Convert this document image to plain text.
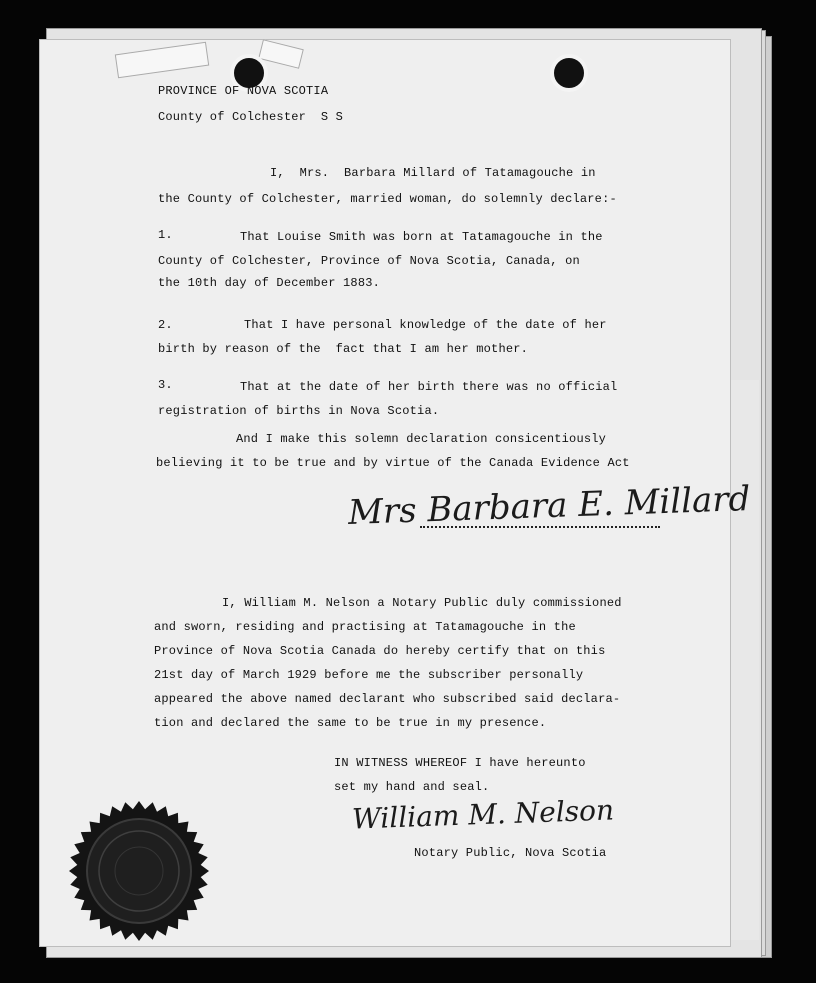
PROVINCE OF NOVA SCOTIA
County of Colchester  S S
I,  Mrs.  Barbara Millard of Tatamagouche in
the County of Colchester, married woman, do solemnly declare:-
1.	That Louise Smith was born at Tatamagouche in the
County of Colchester, Province of Nova Scotia, Canada, on
the 10th day of December 1883.
2.	That I have personal knowledge of the date of her
birth by reason of the  fact that I am her mother.
3.	That at the date of her birth there was no official
registration of births in Nova Scotia.
And I make this solemn declaration consicentiously
believing it to be true and by virtue of the Canada Evidence Act
Mrs Barbara E. Millard
I, William M. Nelson a Notary Public duly commissioned
and sworn, residing and practising at Tatamagouche in the
Province of Nova Scotia Canada do hereby certify that on this
21st day of March 1929 before me the subscriber personally
appeared the above named declarant who subscribed said declara-
tion and declared the same to be true in my presence.
IN WITNESS WHEREOF I have hereunto
set my hand and seal.
William M. Nelson
Notary Public, Nova Scotia
